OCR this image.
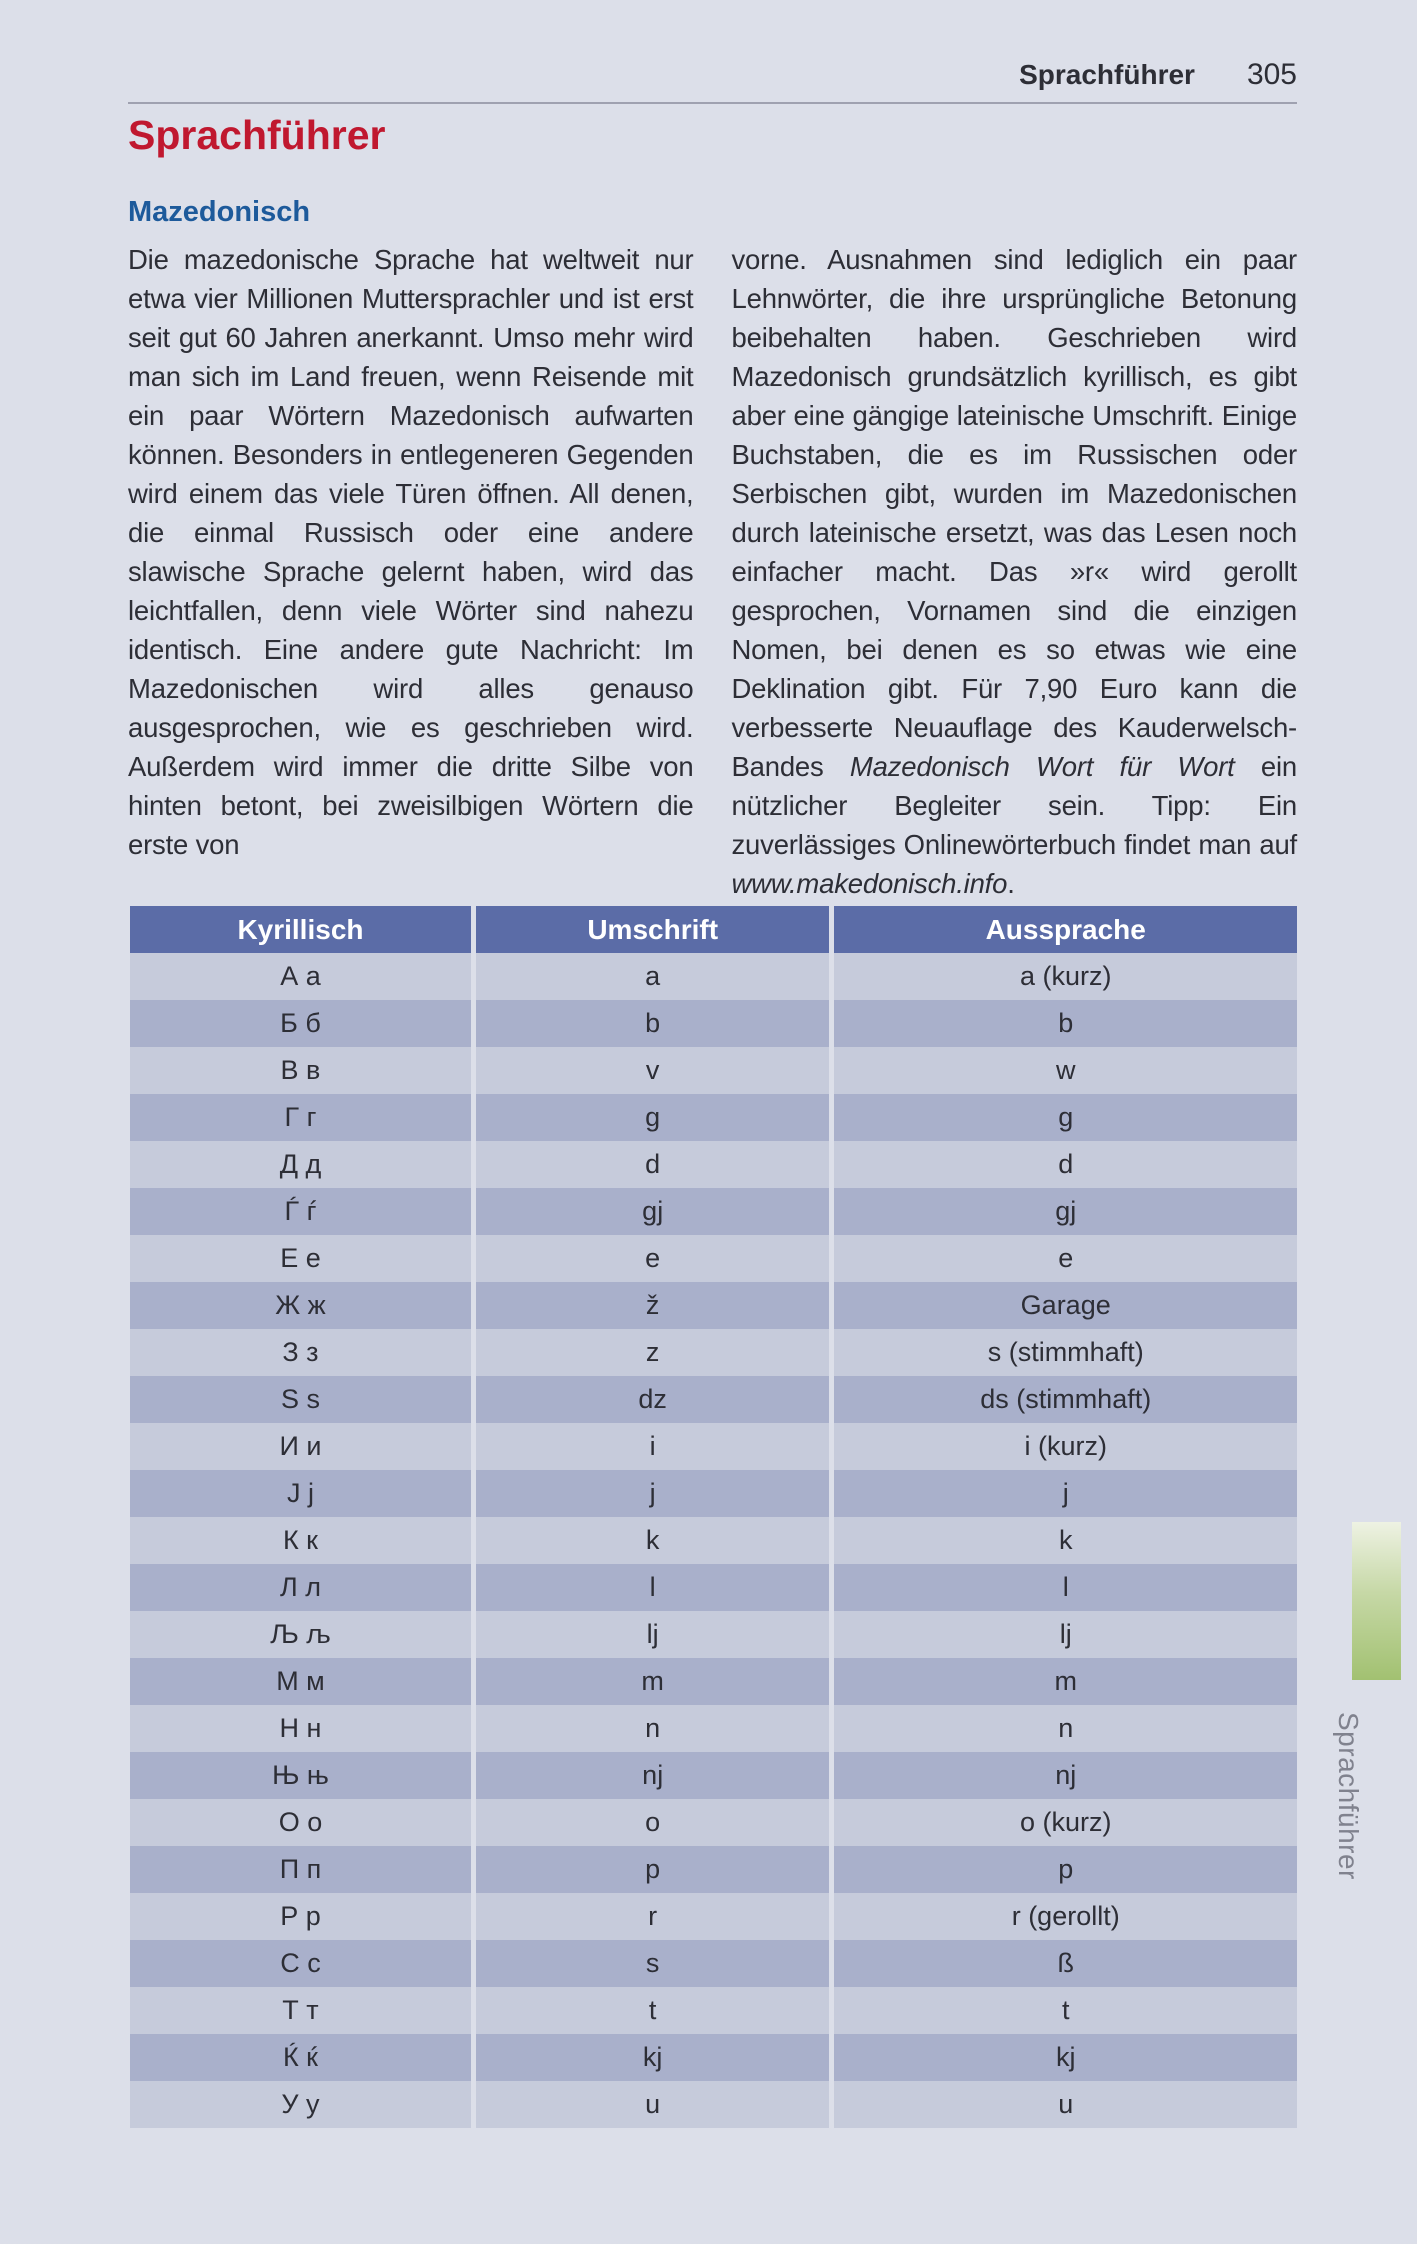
Sprachführer 305
Sprachführer
Mazedonisch

Die mazedonische Sprache hat weltweit nur etwa vier Millionen Muttersprachler und ist erst seit gut 60 Jahren anerkannt. Umso mehr wird man sich im Land freuen, wenn Reisende mit ein paar Wörtern Mazedonisch aufwarten können. Besonders in entlegeneren Gegenden wird einem das viele Türen öffnen. All denen, die einmal Russisch oder eine andere slawische Sprache gelernt haben, wird das leichtfallen, denn viele Wörter sind nahezu identisch. Eine andere gute Nachricht: Im Mazedonischen wird alles genauso ausgesprochen, wie es geschrieben wird. Außerdem wird immer die dritte Silbe von hinten betont, bei zweisilbigen Wörtern die erste von

vorne. Ausnahmen sind lediglich ein paar Lehnwörter, die ihre ursprüngliche Betonung beibehalten haben. Geschrieben wird Mazedonisch grundsätzlich kyrillisch, es gibt aber eine gängige lateinische Umschrift. Einige Buchstaben, die es im Russischen oder Serbischen gibt, wurden im Mazedonischen durch lateinische ersetzt, was das Lesen noch einfacher macht. Das »r« wird gerollt gesprochen, Vornamen sind die einzigen Nomen, bei denen es so etwas wie eine Deklination gibt. Für 7,90 Euro kann die verbesserte Neuauflage des Kauderwelsch-Bandes Mazedonisch Wort für Wort ein nützlicher Begleiter sein. Tipp: Ein zuverlässiges Onlinewörterbuch findet man auf www.makedonisch.info.

Kyrillisch	Umschrift	Aussprache
А а	a	a (kurz)
Б б	b	b
В в	v	w
Г г	g	g
Д д	d	d
Ѓ ѓ	gj	gj
Е е	e	e
Ж ж	ž	Garage
З з	z	s (stimmhaft)
Ѕ ѕ	dz	ds (stimmhaft)
И и	i	i (kurz)
Ј ј	j	j
К к	k	k
Л л	l	l
Љ љ	lj	lj
М м	m	m
Н н	n	n
Њ њ	nj	nj
О о	o	o (kurz)
П п	p	p
Р р	r	r (gerollt)
С с	s	ß
Т т	t	t
Ќ ќ	kj	kj
У у	u	u
Sprachführer
